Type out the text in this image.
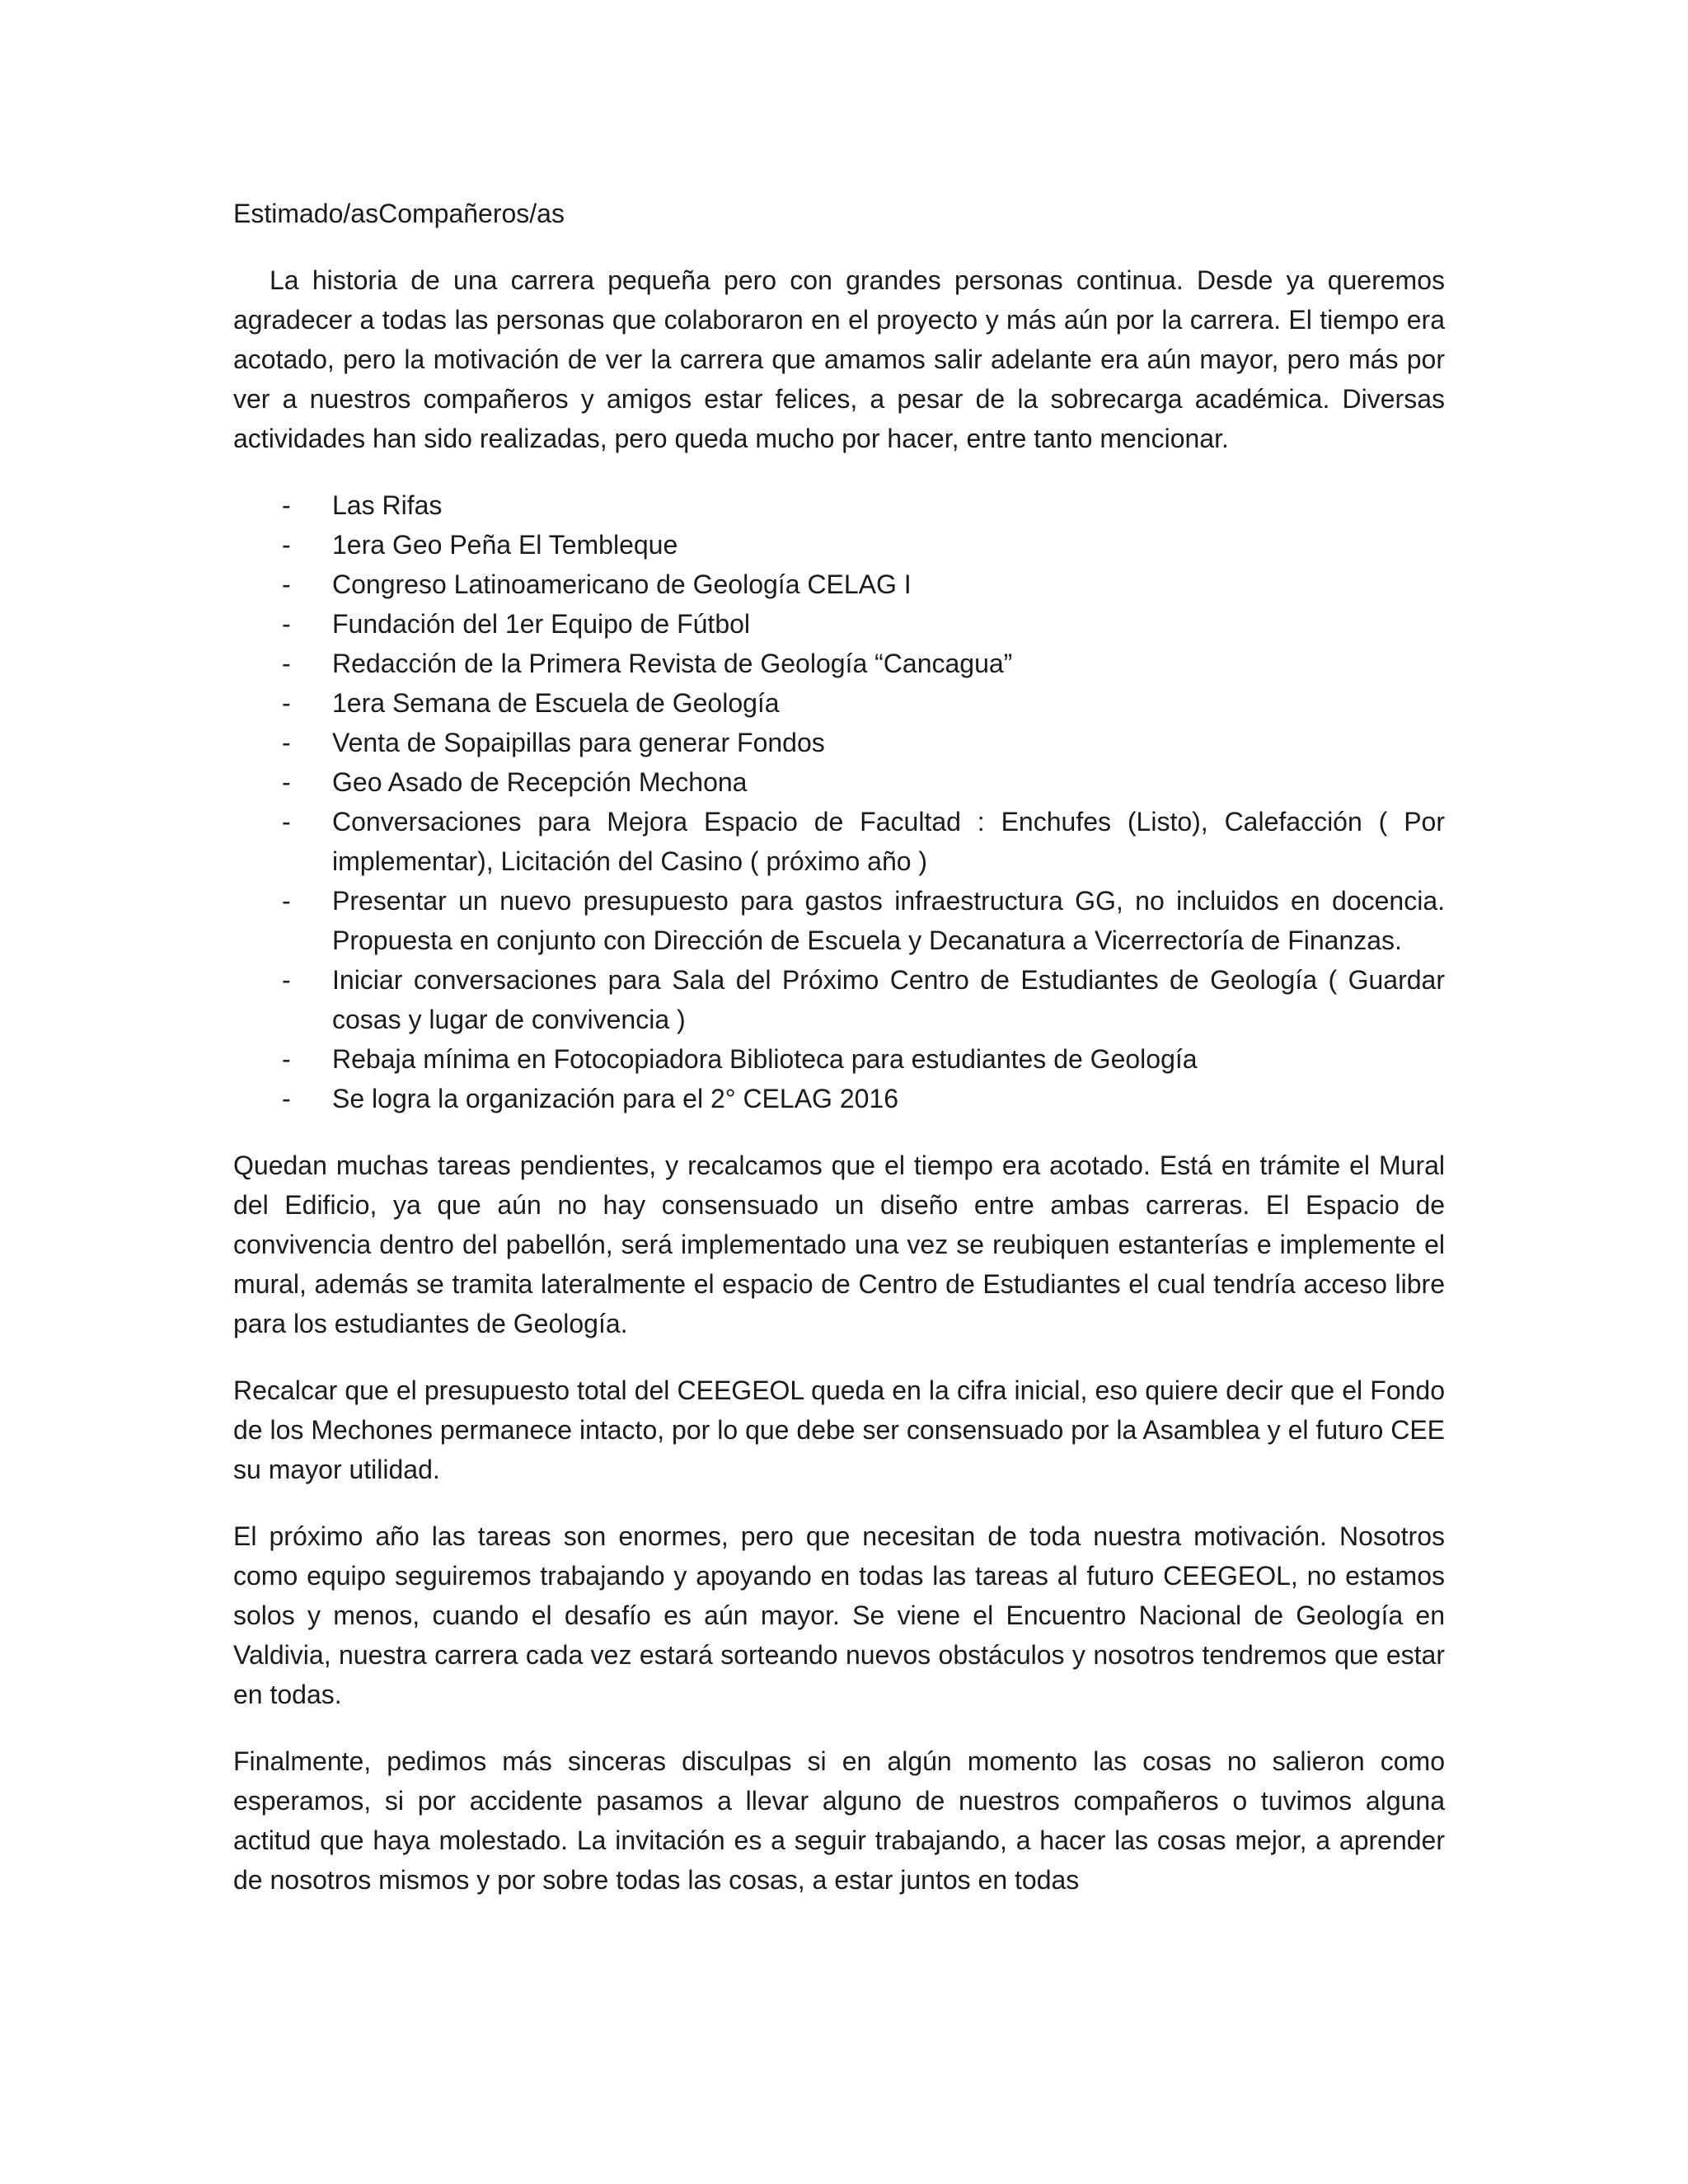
Estimado/asCompañeros/as

La historia de una carrera pequeña pero con grandes personas continua. Desde ya queremos agradecer a todas las personas que colaboraron en el proyecto y más aún por la carrera. El tiempo era acotado, pero la motivación de ver la carrera que amamos salir adelante era aún mayor, pero más por ver a nuestros compañeros y amigos estar felices, a pesar de la sobrecarga académica. Diversas actividades han sido realizadas, pero queda mucho por hacer, entre tanto mencionar.

- Las Rifas
- 1era Geo Peña El Tembleque
- Congreso Latinoamericano de Geología CELAG I
- Fundación del 1er Equipo de Fútbol
- Redacción de la Primera Revista de Geología “Cancagua”
- 1era Semana de Escuela de Geología
- Venta de Sopaipillas para generar Fondos
- Geo Asado de Recepción Mechona
- Conversaciones para Mejora Espacio de Facultad : Enchufes (Listo), Calefacción ( Por implementar), Licitación del Casino ( próximo año )
- Presentar un nuevo presupuesto para gastos infraestructura GG, no incluidos en docencia. Propuesta en conjunto con Dirección de Escuela y Decanatura a Vicerrectoría de Finanzas.
- Iniciar conversaciones para Sala del Próximo Centro de Estudiantes de Geología ( Guardar cosas y lugar de convivencia )
- Rebaja mínima en Fotocopiadora Biblioteca para estudiantes de Geología
- Se logra la organización para el 2° CELAG 2016

Quedan muchas tareas pendientes, y recalcamos que el tiempo era acotado. Está en trámite el Mural del Edificio, ya que aún no hay consensuado un diseño entre ambas carreras. El Espacio de convivencia dentro del pabellón, será implementado una vez se reubiquen estanterías e implemente el mural, además se tramita lateralmente el espacio de Centro de Estudiantes el cual tendría acceso libre para los estudiantes de Geología.

Recalcar que el presupuesto total del CEEGEOL queda en la cifra inicial, eso quiere decir que el Fondo de los Mechones permanece intacto, por lo que debe ser consensuado por la Asamblea y el futuro CEE su mayor utilidad.

El próximo año las tareas son enormes, pero que necesitan de toda nuestra motivación. Nosotros como equipo seguiremos trabajando y apoyando en todas las tareas al futuro CEEGEOL, no estamos solos y menos, cuando el desafío es aún mayor. Se viene el Encuentro Nacional de Geología en Valdivia, nuestra carrera cada vez estará sorteando nuevos obstáculos y nosotros tendremos que estar en todas.

Finalmente, pedimos más sinceras disculpas si en algún momento las cosas no salieron como esperamos, si por accidente pasamos a llevar alguno de nuestros compañeros o tuvimos alguna actitud que haya molestado. La invitación es a seguir trabajando, a hacer las cosas mejor, a aprender de nosotros mismos y por sobre todas las cosas, a estar juntos en todas
